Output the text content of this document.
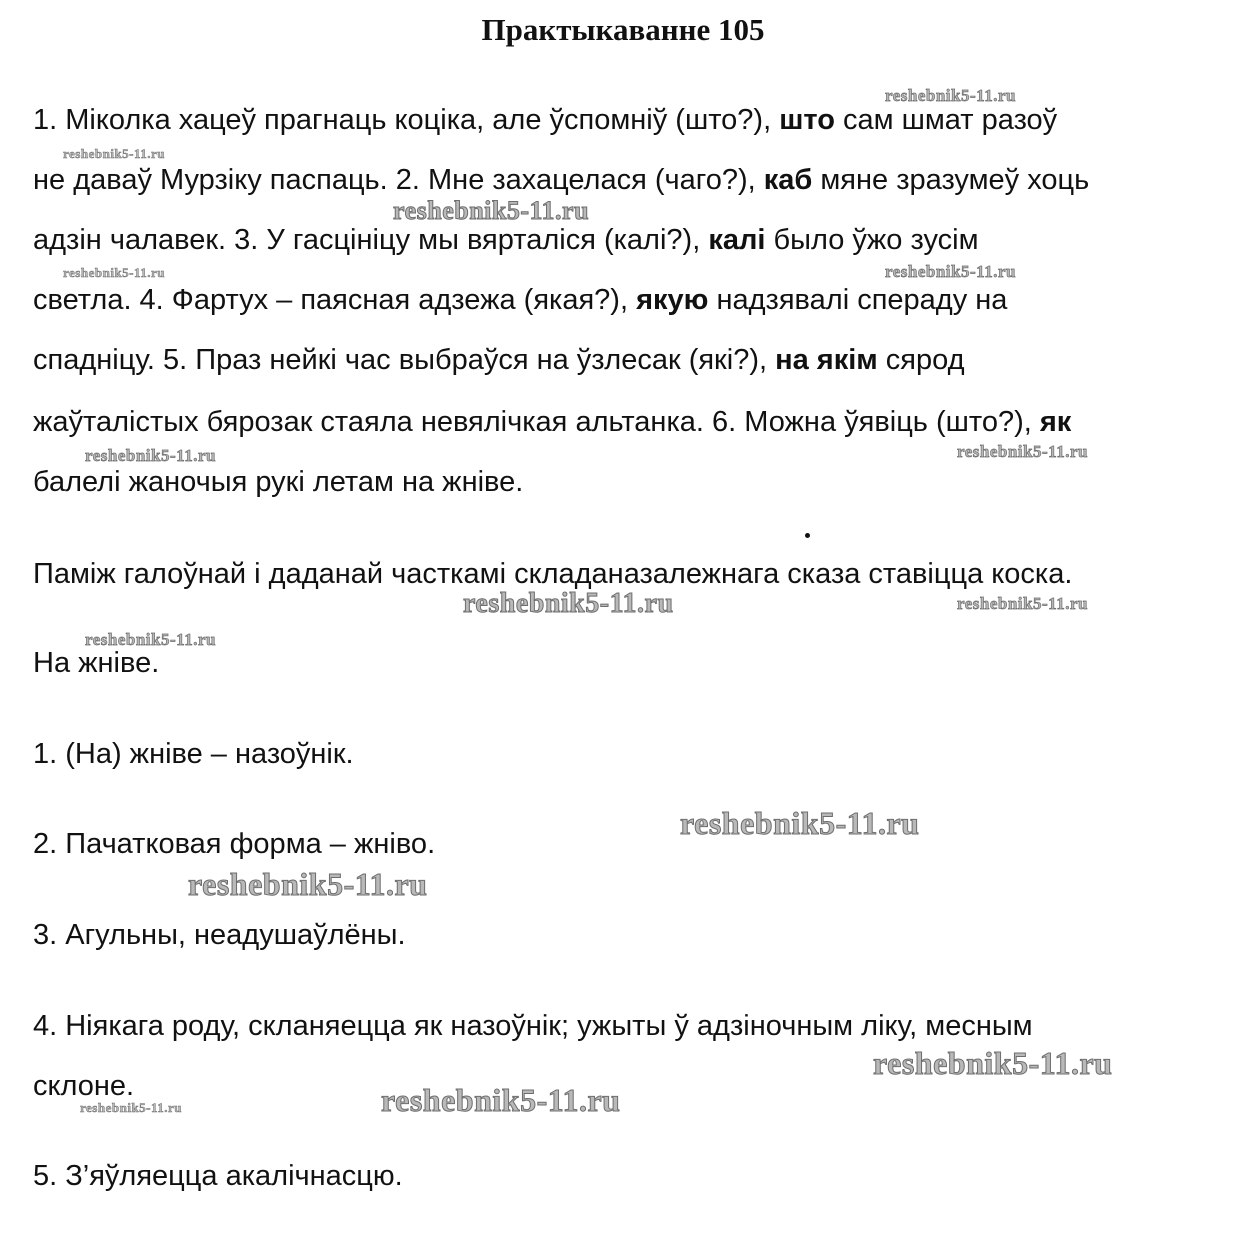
Практыкаванне 105

1. Міколка хацеў прагнаць коціка, але ўспомніў (што?), што сам шмат разоў

не даваў Мурзіку паспаць. 2. Мне захацелася (чаго?), каб мяне зразумеў хоць

адзін чалавек. 3. У гасцініцу мы вярталіся (калі?), калі было ўжо зусім

светла. 4. Фартух – паясная адзежа (якая?), якую надзявалі спераду на

спадніцу. 5. Праз нейкі час выбраўся на ўзлесак (які?), на якім сярод

жаўталістых бярозак стаяла невялічкая альтанка. 6. Можна ўявіць (што?), як

балелі жаночыя рукі летам на жніве.

Паміж галоўнай і даданай часткамі складаназалежнага сказа ставіцца коска.

На жніве.

1. (На) жніве – назоўнік.

2. Пачатковая форма – жніво.

3. Агульны, неадушаўлёны.

4. Ніякага роду, скланяецца як назоўнік; ужыты ў адзіночным ліку, месным

склоне.

5. З’яўляецца акалічнасцю.

reshebnik5-11.ru
reshebnik5-11.ru
reshebnik5-11.ru
reshebnik5-11.ru	reshebnik5-11.ru
reshebnik5-11.ru	reshebnik5-11.ru
reshebnik5-11.ru	reshebnik5-11.ru
reshebnik5-11.ru
reshebnik5-11.ru
reshebnik5-11.ru
reshebnik5-11.ru
reshebnik5-11.ru	reshebnik5-11.ru
